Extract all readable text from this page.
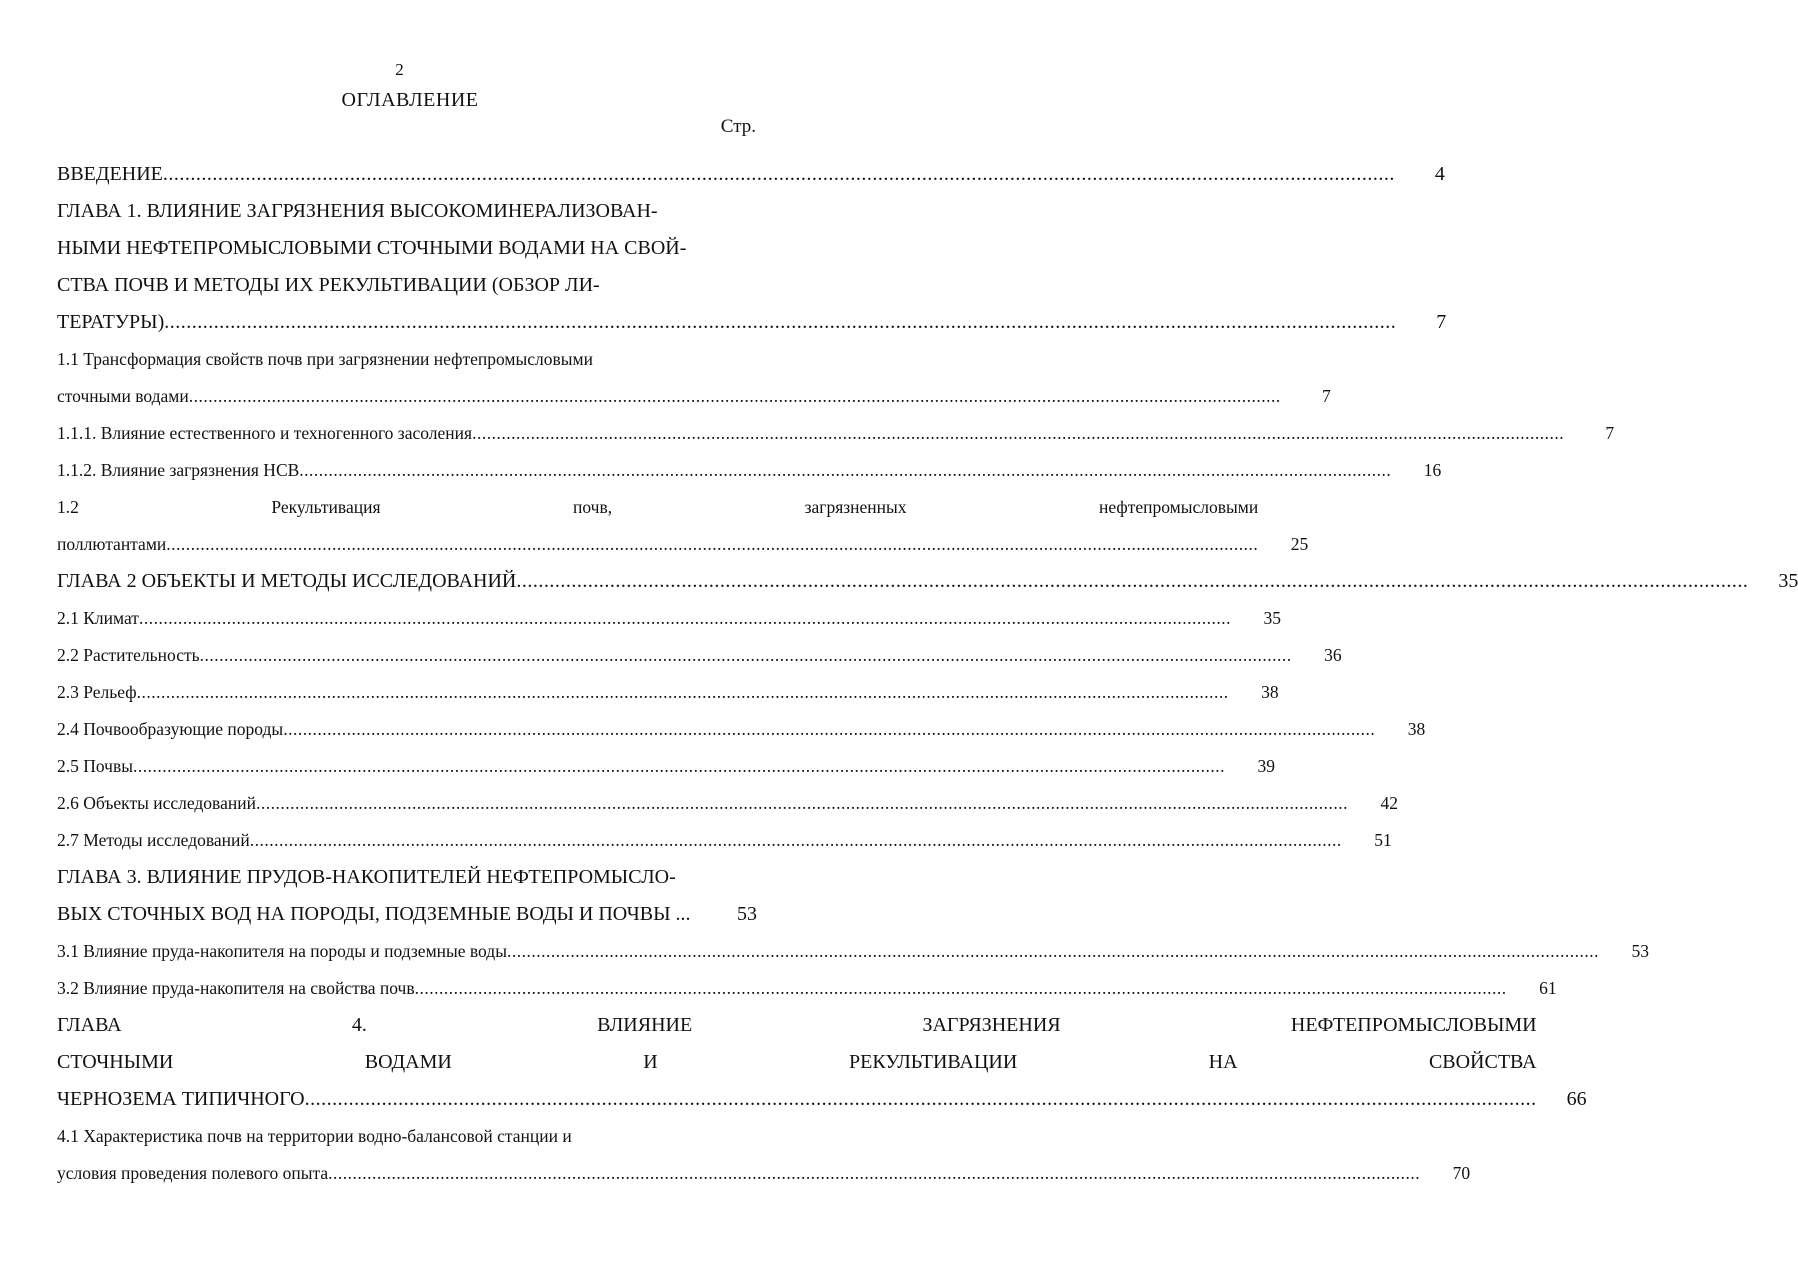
2
ОГЛАВЛЕНИЕ
Стр.
ВВЕДЕНИЕ .....	4
ГЛАВА 1. ВЛИЯНИЕ ЗАГРЯЗНЕНИЯ ВЫСОКОМИНЕРАЛИЗОВАН-
НЫМИ НЕФТЕПРОМЫСЛОВЫМИ СТОЧНЫМИ ВОДАМИ НА СВОЙ-
СТВА ПОЧВ И МЕТОДЫ ИХ РЕКУЛЬТИВАЦИИ (ОБЗОР ЛИ-
ТЕРАТУРЫ) .....	7
1.1 Трансформация свойств почв при загрязнении нефтепромысловыми
сточными водами .....	7
1.1.1. Влияние естественного и техногенного засоления .....	7
1.1.2. Влияние загрязнения НСВ .....	16
1.2	Рекультивация	почв,	загрязненных	нефтепромысловыми
поллютантами .....	25
ГЛАВА 2 ОБЪЕКТЫ И МЕТОДЫ ИССЛЕДОВАНИЙ .....	35
2.1 Климат .....	35
2.2 Растительность .....	36
2.3 Рельеф .....	38
2.4 Почвообразующие породы .....	38
2.5 Почвы .....	39
2.6 Объекты исследований .....	42
2.7 Методы исследований .....	51
ГЛАВА 3. ВЛИЯНИЕ ПРУДОВ-НАКОПИТЕЛЕЙ НЕФТЕПРОМЫСЛО-
ВЫХ СТОЧНЫХ ВОД НА ПОРОДЫ, ПОДЗЕМНЫЕ ВОДЫ И ПОЧВЫ ...	53
3.1 Влияние пруда-накопителя на породы и подземные воды .....	53
3.2 Влияние пруда-накопителя на свойства почв .....	61
ГЛАВА	4.	ВЛИЯНИЕ	ЗАГРЯЗНЕНИЯ	НЕФТЕПРОМЫСЛОВЫМИ
СТОЧНЫМИ	ВОДАМИ	И	РЕКУЛЬТИВАЦИИ	НА	СВОЙСТВА
ЧЕРНОЗЕМА ТИПИЧНОГО .....	66
4.1 Характеристика почв на территории водно-балансовой станции и
условия проведения полевого опыта .....	70
